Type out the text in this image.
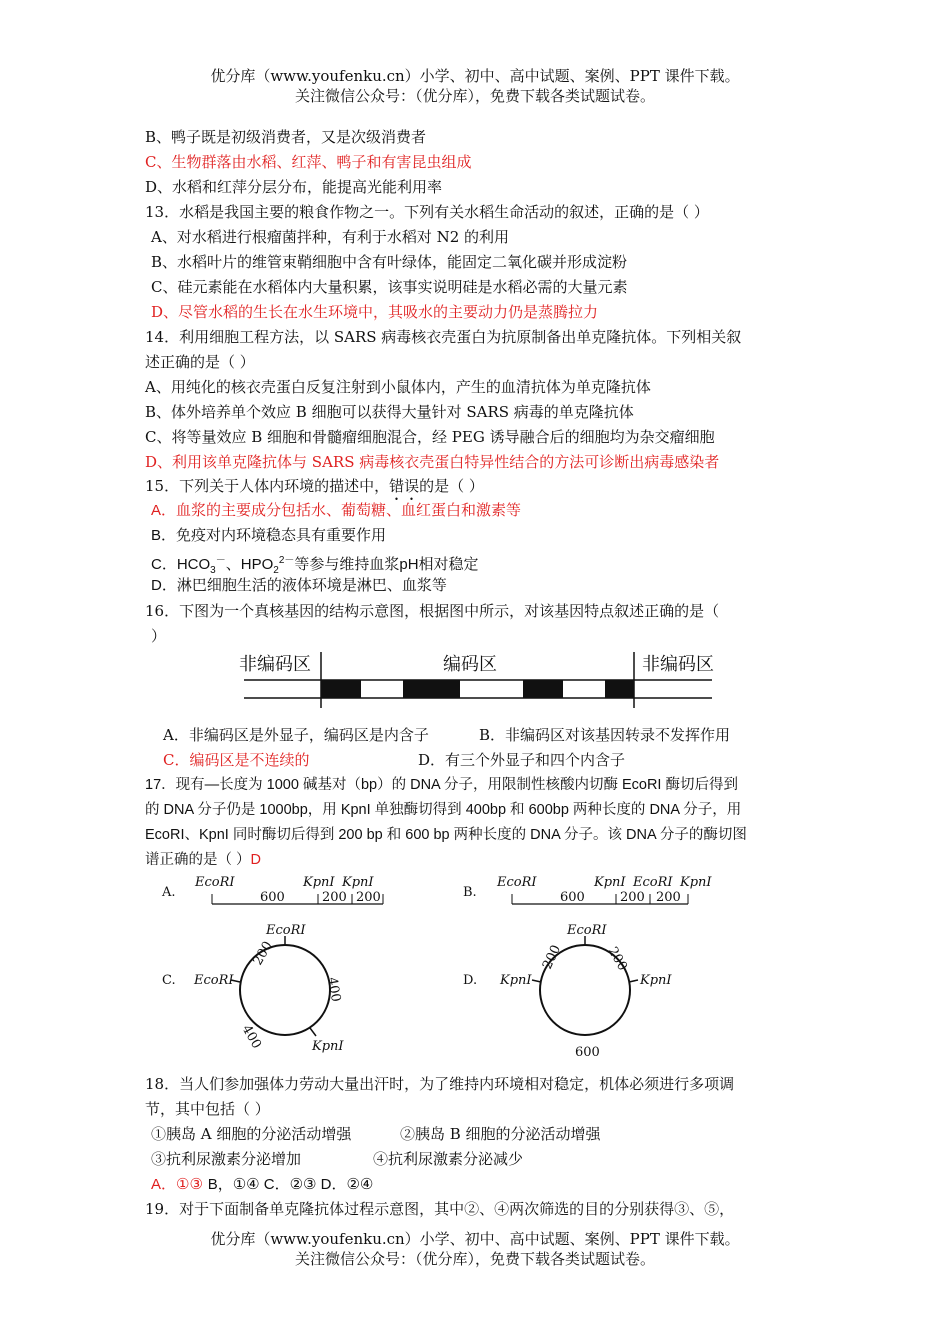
优分库（www.youfenku.cn）小学、初中、高中试题、案例、PPT 课件下载。
关注微信公众号：（优分库），免费下载各类试题试卷。
B、鸭子既是初级消费者，又是次级消费者
C、生物群落由水稻、红萍、鸭子和有害昆虫组成
D、水稻和红萍分层分布，能提高光能利用率
13．水稻是我国主要的粮食作物之一。下列有关水稻生命活动的叙述，正确的是（ ）
A、对水稻进行根瘤菌拌种，有利于水稻对 N2 的利用
B、水稻叶片的维管束鞘细胞中含有叶绿体，能固定二氧化碳并形成淀粉
C、硅元素能在水稻体内大量积累，该事实说明硅是水稻必需的大量元素
D、尽管水稻的生长在水生环境中，其吸水的主要动力仍是蒸腾拉力
14．利用细胞工程方法，以 SARS 病毒核衣壳蛋白为抗原制备出单克隆抗体。下列相关叙
述正确的是（ ）
A、用纯化的核衣壳蛋白反复注射到小鼠体内，产生的血清抗体为单克隆抗体
B、体外培养单个效应 B 细胞可以获得大量针对 SARS 病毒的单克隆抗体
C、将等量效应 B 细胞和骨髓瘤细胞混合，经 PEG 诱导融合后的细胞均为杂交瘤细胞
D、利用该单克隆抗体与 SARS 病毒核衣壳蛋白特异性结合的方法可诊断出病毒感染者
15．下列关于人体内环境的描述中，错误的是（ ）
A．血浆的主要成分包括水、葡萄糖、血红蛋白和激素等
B．免疫对内环境稳态具有重要作用
C．$HCO_3^-$、$HPO_2^{2-}$等参与维持血浆pH相对稳定
D．淋巴细胞生活的液体环境是淋巴、血浆等
16．下图为一个真核基因的结构示意图，根据图中所示，对该基因特点叙述正确的是（
）
非编码区	编码区	非编码区
A．非编码区是外显子，编码区是内含子	B．非编码区对该基因转录不发挥作用
C．编码区是不连续的	D．有三个外显子和四个内含子
17．现有—长度为 1000 碱基对（bp）的 DNA 分子，用限制性核酸内切酶 EcoRI 酶切后得到
的 DNA 分子仍是 1000bp，用 KpnI 单独酶切得到 400bp 和 600bp 两种长度的 DNA 分子，用
EcoRI、KpnI 同时酶切后得到 200 bp 和 600 bp 两种长度的 DNA 分子。该 DNA 分子的酶切图
谱正确的是（ ）D
A.
EcoRI	KpnI KpnI
600	200 200	B.
EcoRI	KpnI EcoRI KpnI
600	200 200
C.
EcoRI
EcoRI
KpnI
200
400
400
D.
EcoRI
KpnI	KpnI
200	200
600
18．当人们参加强体力劳动大量出汗时，为了维持内环境相对稳定，机体必须进行多项调
节，其中包括（ ）
①胰岛 A 细胞的分泌活动增强	②胰岛 B 细胞的分泌活动增强
③抗利尿激素分泌增加	④抗利尿激素分泌减少
A．①③ B，①④ C．②③ D．②④
19．对于下面制备单克隆抗体过程示意图，其中②、④两次筛选的目的分别获得③、⑤，
优分库（www.youfenku.cn）小学、初中、高中试题、案例、PPT 课件下载。
关注微信公众号：（优分库），免费下载各类试题试卷。
